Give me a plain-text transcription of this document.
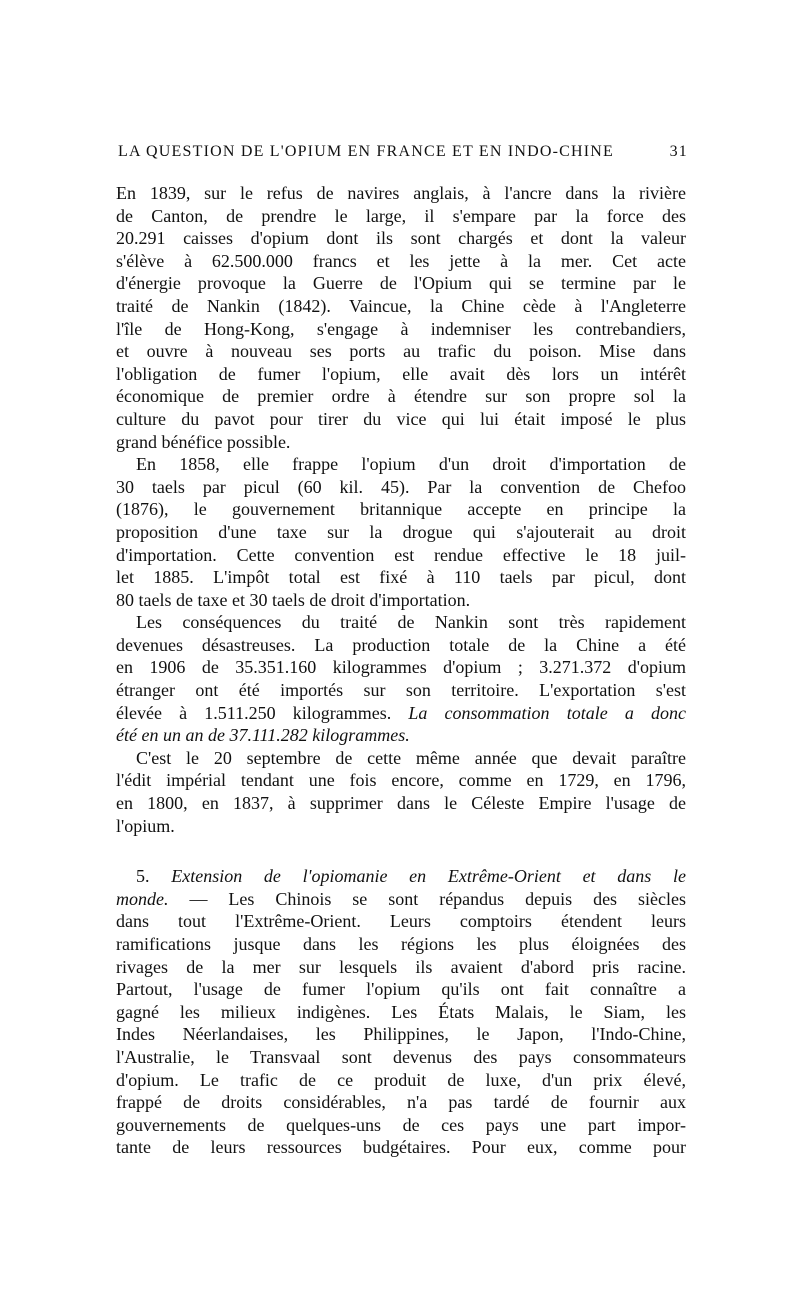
LA QUESTION DE L'OPIUM EN FRANCE ET EN INDO-CHINE	31
En 1839, sur le refus de navires anglais, à l'ancre dans la rivière
de Canton, de prendre le large, il s'empare par la force des
20.291 caisses d'opium dont ils sont chargés et dont la valeur
s'élève à 62.500.000 francs et les jette à la mer. Cet acte
d'énergie provoque la Guerre de l'Opium qui se termine par le
traité de Nankin (1842). Vaincue, la Chine cède à l'Angleterre
l'île de Hong-Kong, s'engage à indemniser les contrebandiers,
et ouvre à nouveau ses ports au trafic du poison. Mise dans
l'obligation de fumer l'opium, elle avait dès lors un intérêt
économique de premier ordre à étendre sur son propre sol la
culture du pavot pour tirer du vice qui lui était imposé le plus
grand bénéfice possible.
En 1858, elle frappe l'opium d'un droit d'importation de
30 taels par picul (60 kil. 45). Par la convention de Chefoo
(1876), le gouvernement britannique accepte en principe la
proposition d'une taxe sur la drogue qui s'ajouterait au droit
d'importation. Cette convention est rendue effective le 18 juil-
let 1885. L'impôt total est fixé à 110 taels par picul, dont
80 taels de taxe et 30 taels de droit d'importation.
Les conséquences du traité de Nankin sont très rapidement
devenues désastreuses. La production totale de la Chine a été
en 1906 de 35.351.160 kilogrammes d'opium ; 3.271.372 d'opium
étranger ont été importés sur son territoire. L'exportation s'est
élevée à 1.511.250 kilogrammes. La consommation totale a donc
été en un an de 37.111.282 kilogrammes.
C'est le 20 septembre de cette même année que devait paraître
l'édit impérial tendant une fois encore, comme en 1729, en 1796,
en 1800, en 1837, à supprimer dans le Céleste Empire l'usage de
l'opium.
5. Extension de l'opiomanie en Extrême-Orient et dans le
monde. — Les Chinois se sont répandus depuis des siècles
dans tout l'Extrême-Orient. Leurs comptoirs étendent leurs
ramifications jusque dans les régions les plus éloignées des
rivages de la mer sur lesquels ils avaient d'abord pris racine.
Partout, l'usage de fumer l'opium qu'ils ont fait connaître a
gagné les milieux indigènes. Les États Malais, le Siam, les
Indes Néerlandaises, les Philippines, le Japon, l'Indo-Chine,
l'Australie, le Transvaal sont devenus des pays consommateurs
d'opium. Le trafic de ce produit de luxe, d'un prix élevé,
frappé de droits considérables, n'a pas tardé de fournir aux
gouvernements de quelques-uns de ces pays une part impor-
tante de leurs ressources budgétaires. Pour eux, comme pour
